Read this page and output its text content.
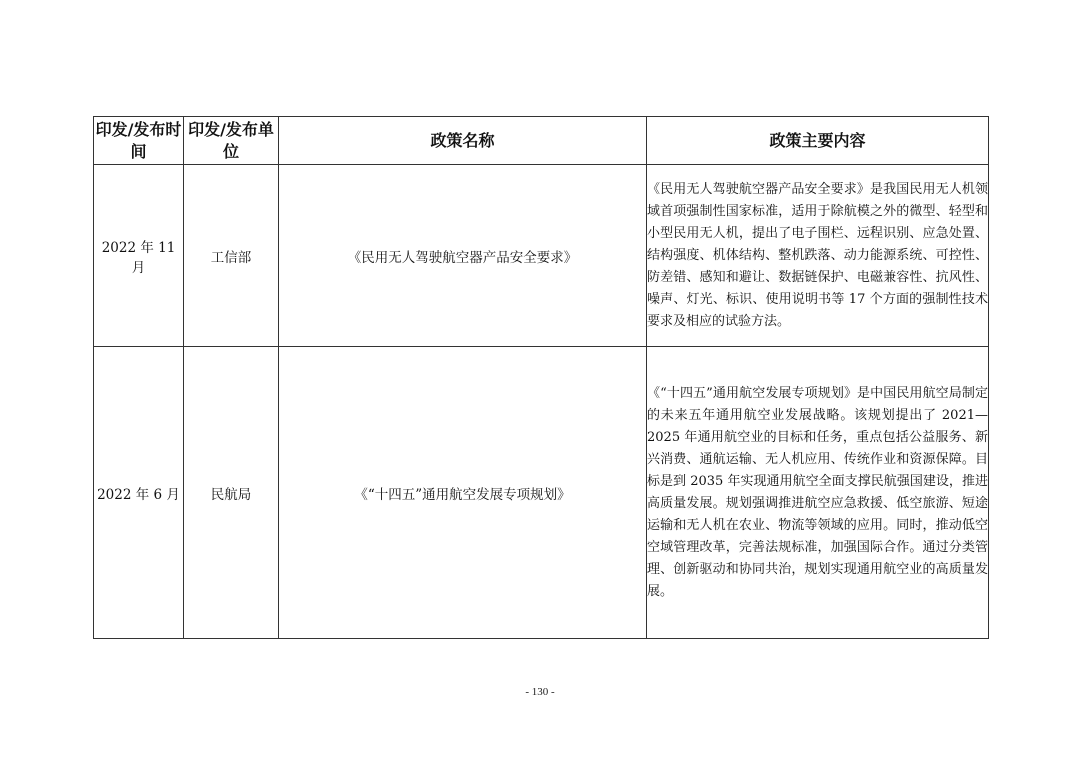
印发/发布时间	印发/发布单位	政策名称	政策主要内容
2022 年 11 月	工信部	《民用无人驾驶航空器产品安全要求》	《民用无人驾驶航空器产品安全要求》是我国民用无人机领域首项强制性国家标准，适用于除航模之外的微型、轻型和小型民用无人机，提出了电子围栏、远程识别、应急处置、结构强度、机体结构、整机跌落、动力能源系统、可控性、防差错、感知和避让、数据链保护、电磁兼容性、抗风性、噪声、灯光、标识、使用说明书等 17 个方面的强制性技术要求及相应的试验方法。
2022 年 6 月	民航局	《“十四五”通用航空发展专项规划》	《“十四五”通用航空发展专项规划》是中国民用航空局制定的未来五年通用航空业发展战略。该规划提出了 2021—2025 年通用航空业的目标和任务，重点包括公益服务、新兴消费、通航运输、无人机应用、传统作业和资源保障。目标是到 2035 年实现通用航空全面支撑民航强国建设，推进高质量发展。规划强调推进航空应急救援、低空旅游、短途运输和无人机在农业、物流等领域的应用。同时，推动低空空域管理改革，完善法规标准，加强国际合作。通过分类管理、创新驱动和协同共治，规划实现通用航空业的高质量发展。
- 130 -
